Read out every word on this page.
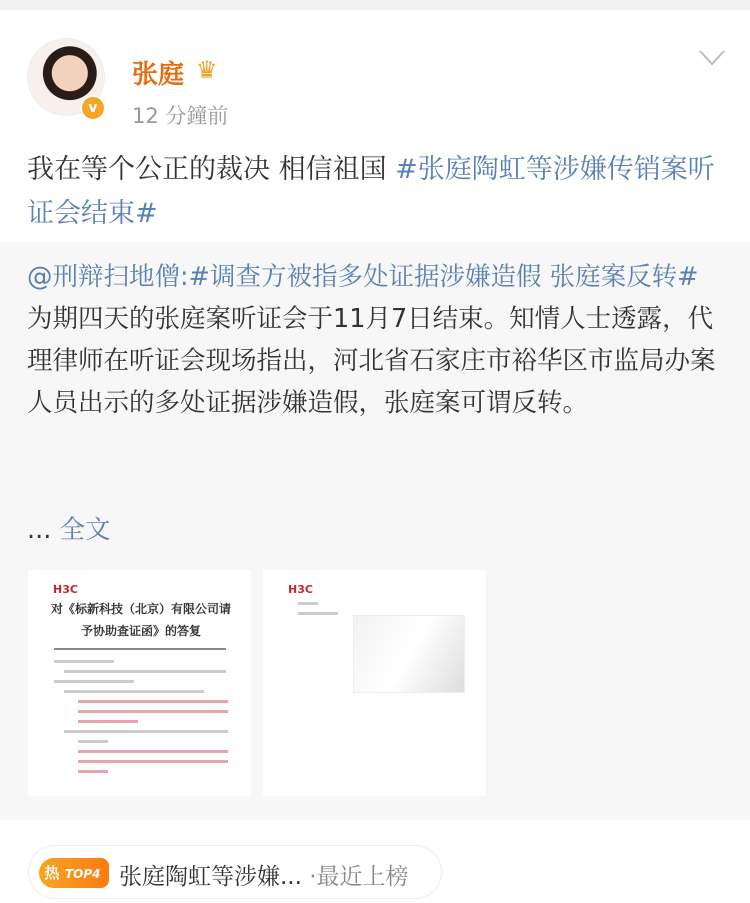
v
张庭 ♛
12 分鐘前
我在等个公正的裁决 相信祖国 #张庭陶虹等涉嫌传销案听证会结束#
@刑辩扫地僧:#调查方被指多处证据涉嫌造假 张庭案反转#
为期四天的张庭案听证会于11月7日结束。知情人士透露，代理律师在听证会现场指出，河北省石家庄市裕华区市监局办案人员出示的多处证据涉嫌造假，张庭案可谓反转。
... 全文
H3C
对《标新科技（北京）有限公司请予协助查证函》的答复
H3C
热 TOP4 张庭陶虹等涉嫌... ·最近上榜
